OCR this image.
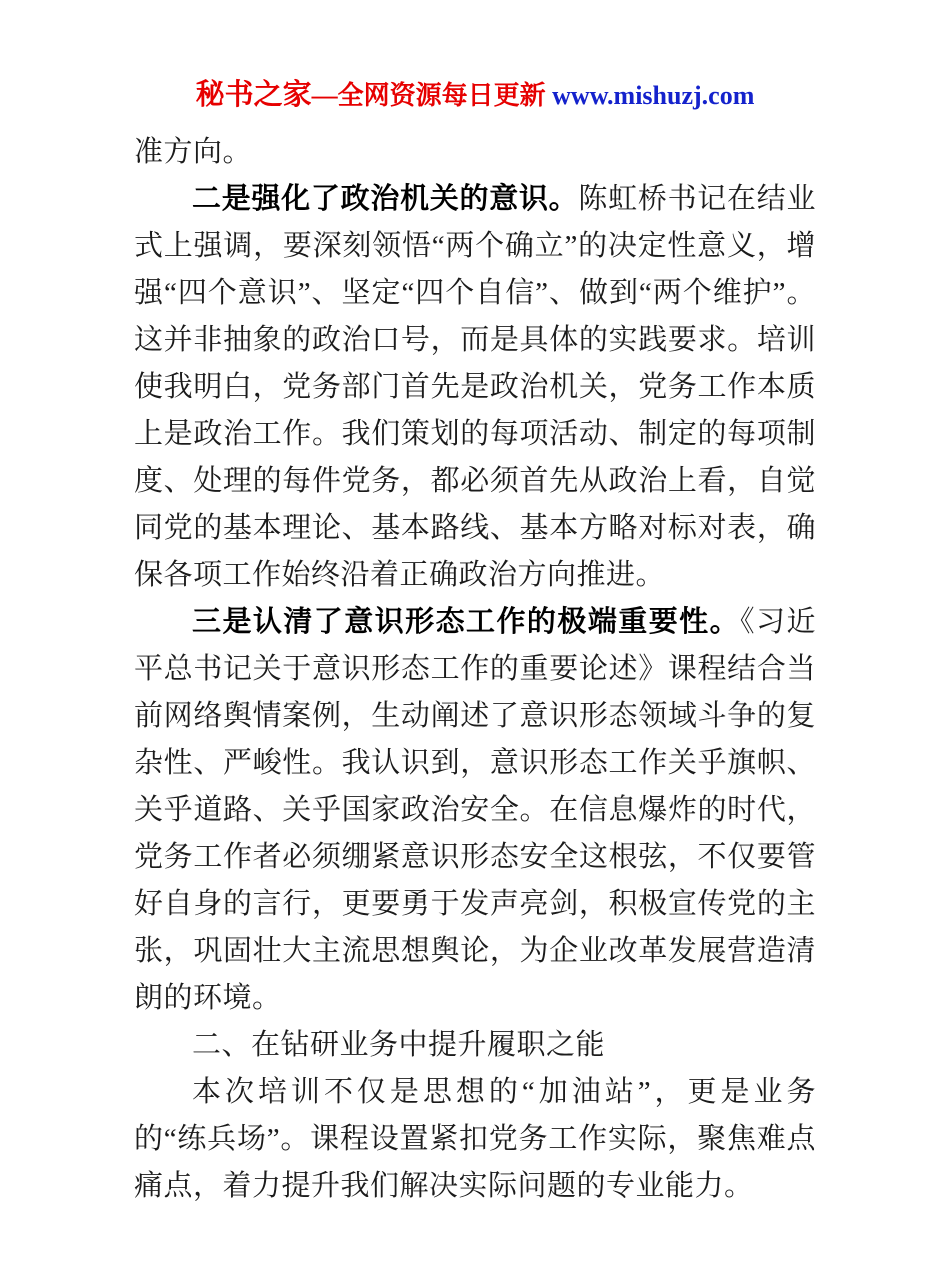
秘书之家—全网资源每日更新 www.mishuzj.com

准方向。

二是强化了政治机关的意识。陈虹桥书记在结业式上强调，要深刻领悟“两个确立”的决定性意义，增强“四个意识”、坚定“四个自信”、做到“两个维护”。这并非抽象的政治口号，而是具体的实践要求。培训使我明白，党务部门首先是政治机关，党务工作本质上是政治工作。我们策划的每项活动、制定的每项制度、处理的每件党务，都必须首先从政治上看，自觉同党的基本理论、基本路线、基本方略对标对表，确保各项工作始终沿着正确政治方向推进。

三是认清了意识形态工作的极端重要性。《习近平总书记关于意识形态工作的重要论述》课程结合当前网络舆情案例，生动阐述了意识形态领域斗争的复杂性、严峻性。我认识到，意识形态工作关乎旗帜、关乎道路、关乎国家政治安全。在信息爆炸的时代，党务工作者必须绷紧意识形态安全这根弦，不仅要管好自身的言行，更要勇于发声亮剑，积极宣传党的主张，巩固壮大主流思想舆论，为企业改革发展营造清朗的环境。

二、在钻研业务中提升履职之能

本次培训不仅是思想的“加油站”，更是业务的“练兵场”。课程设置紧扣党务工作实际，聚焦难点痛点，着力提升我们解决实际问题的专业能力。
